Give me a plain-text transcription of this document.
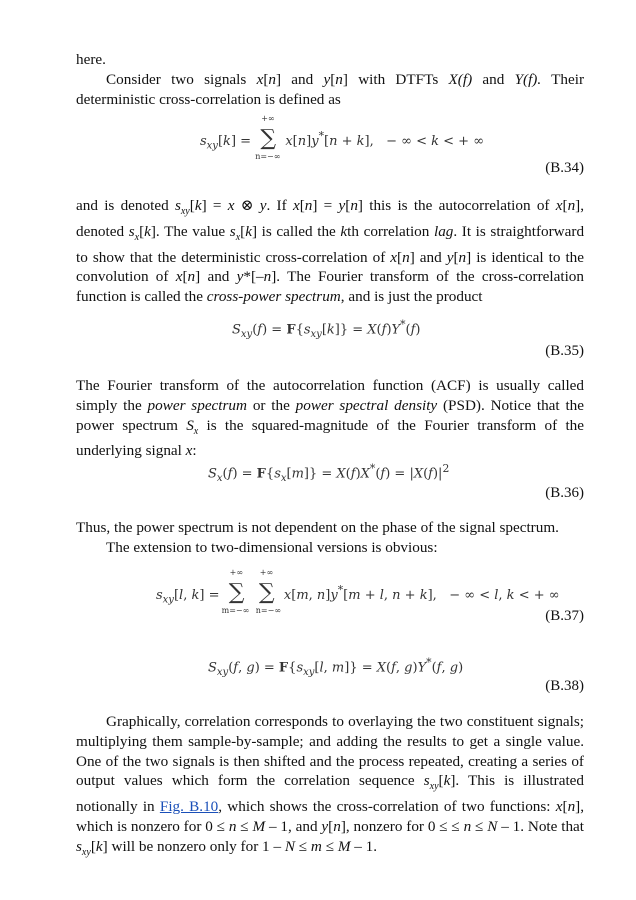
here.

Consider two signals x[n] and y[n] with DTFTs X(f) and Y(f). Their deterministic cross-correlation is defined as

$s_{xy}[k]$ =
+∞
∑
n=−∞
x[n]y*[n + k],   − ∞ < k < + ∞
(B.34)

and is denoted $s_{xy}[k] = x$ ⊗ y. If x[n] = y[n] this is the autocorrelation of x[n], denoted $s_x[k]$. The value $s_x[k]$ is called the kth correlation lag. It is straightforward to show that the deterministic cross-correlation of x[n] and y[n] is identical to the convolution of x[n] and y*[–n]. The Fourier transform of the cross-correlation function is called the cross-power spectrum, and is just the product

$S_{xy}(f) = F\{s_{xy}[k]\} = X(f)Y^*(f)$
(B.35)

The Fourier transform of the autocorrelation function (ACF) is usually called simply the power spectrum or the power spectral density (PSD). Notice that the power spectrum $S_x$ is the squared-magnitude of the Fourier transform of the underlying signal x:

$S_x(f) = F\{s_x[m]\} = X(f)X^*(f) = |X(f)|^2$
(B.36)

Thus, the power spectrum is not dependent on the phase of the signal spectrum.

The extension to two-dimensional versions is obvious:

$s_{xy}[l$, k] =
+∞
∑
m=−∞

+∞
∑
n=−∞
x[m, n]y*[m + l, n + k],   − ∞ < l, k < + ∞
(B.37)
$S_{xy}(f$, $g) = F\{s_{xy}[l$, m]} = X(f, g)Y*(f, g)
(B.38)

Graphically, correlation corresponds to overlaying the two constituent signals; multiplying them sample-by-sample; and adding the results to get a single value. One of the two signals is then shifted and the process repeated, creating a series of output values which form the correlation sequence $s_{xy}[k]$. This is illustrated notionally in Fig. B.10, which shows the cross-correlation of two functions: x[n], which is nonzero for 0 ≤ n ≤ M – 1, and y[n], nonzero for 0 ≤ ≤ n ≤ N – 1. Note that $s_{xy}[k]$ will be nonzero only for 1 – N ≤ m ≤ M – 1.
